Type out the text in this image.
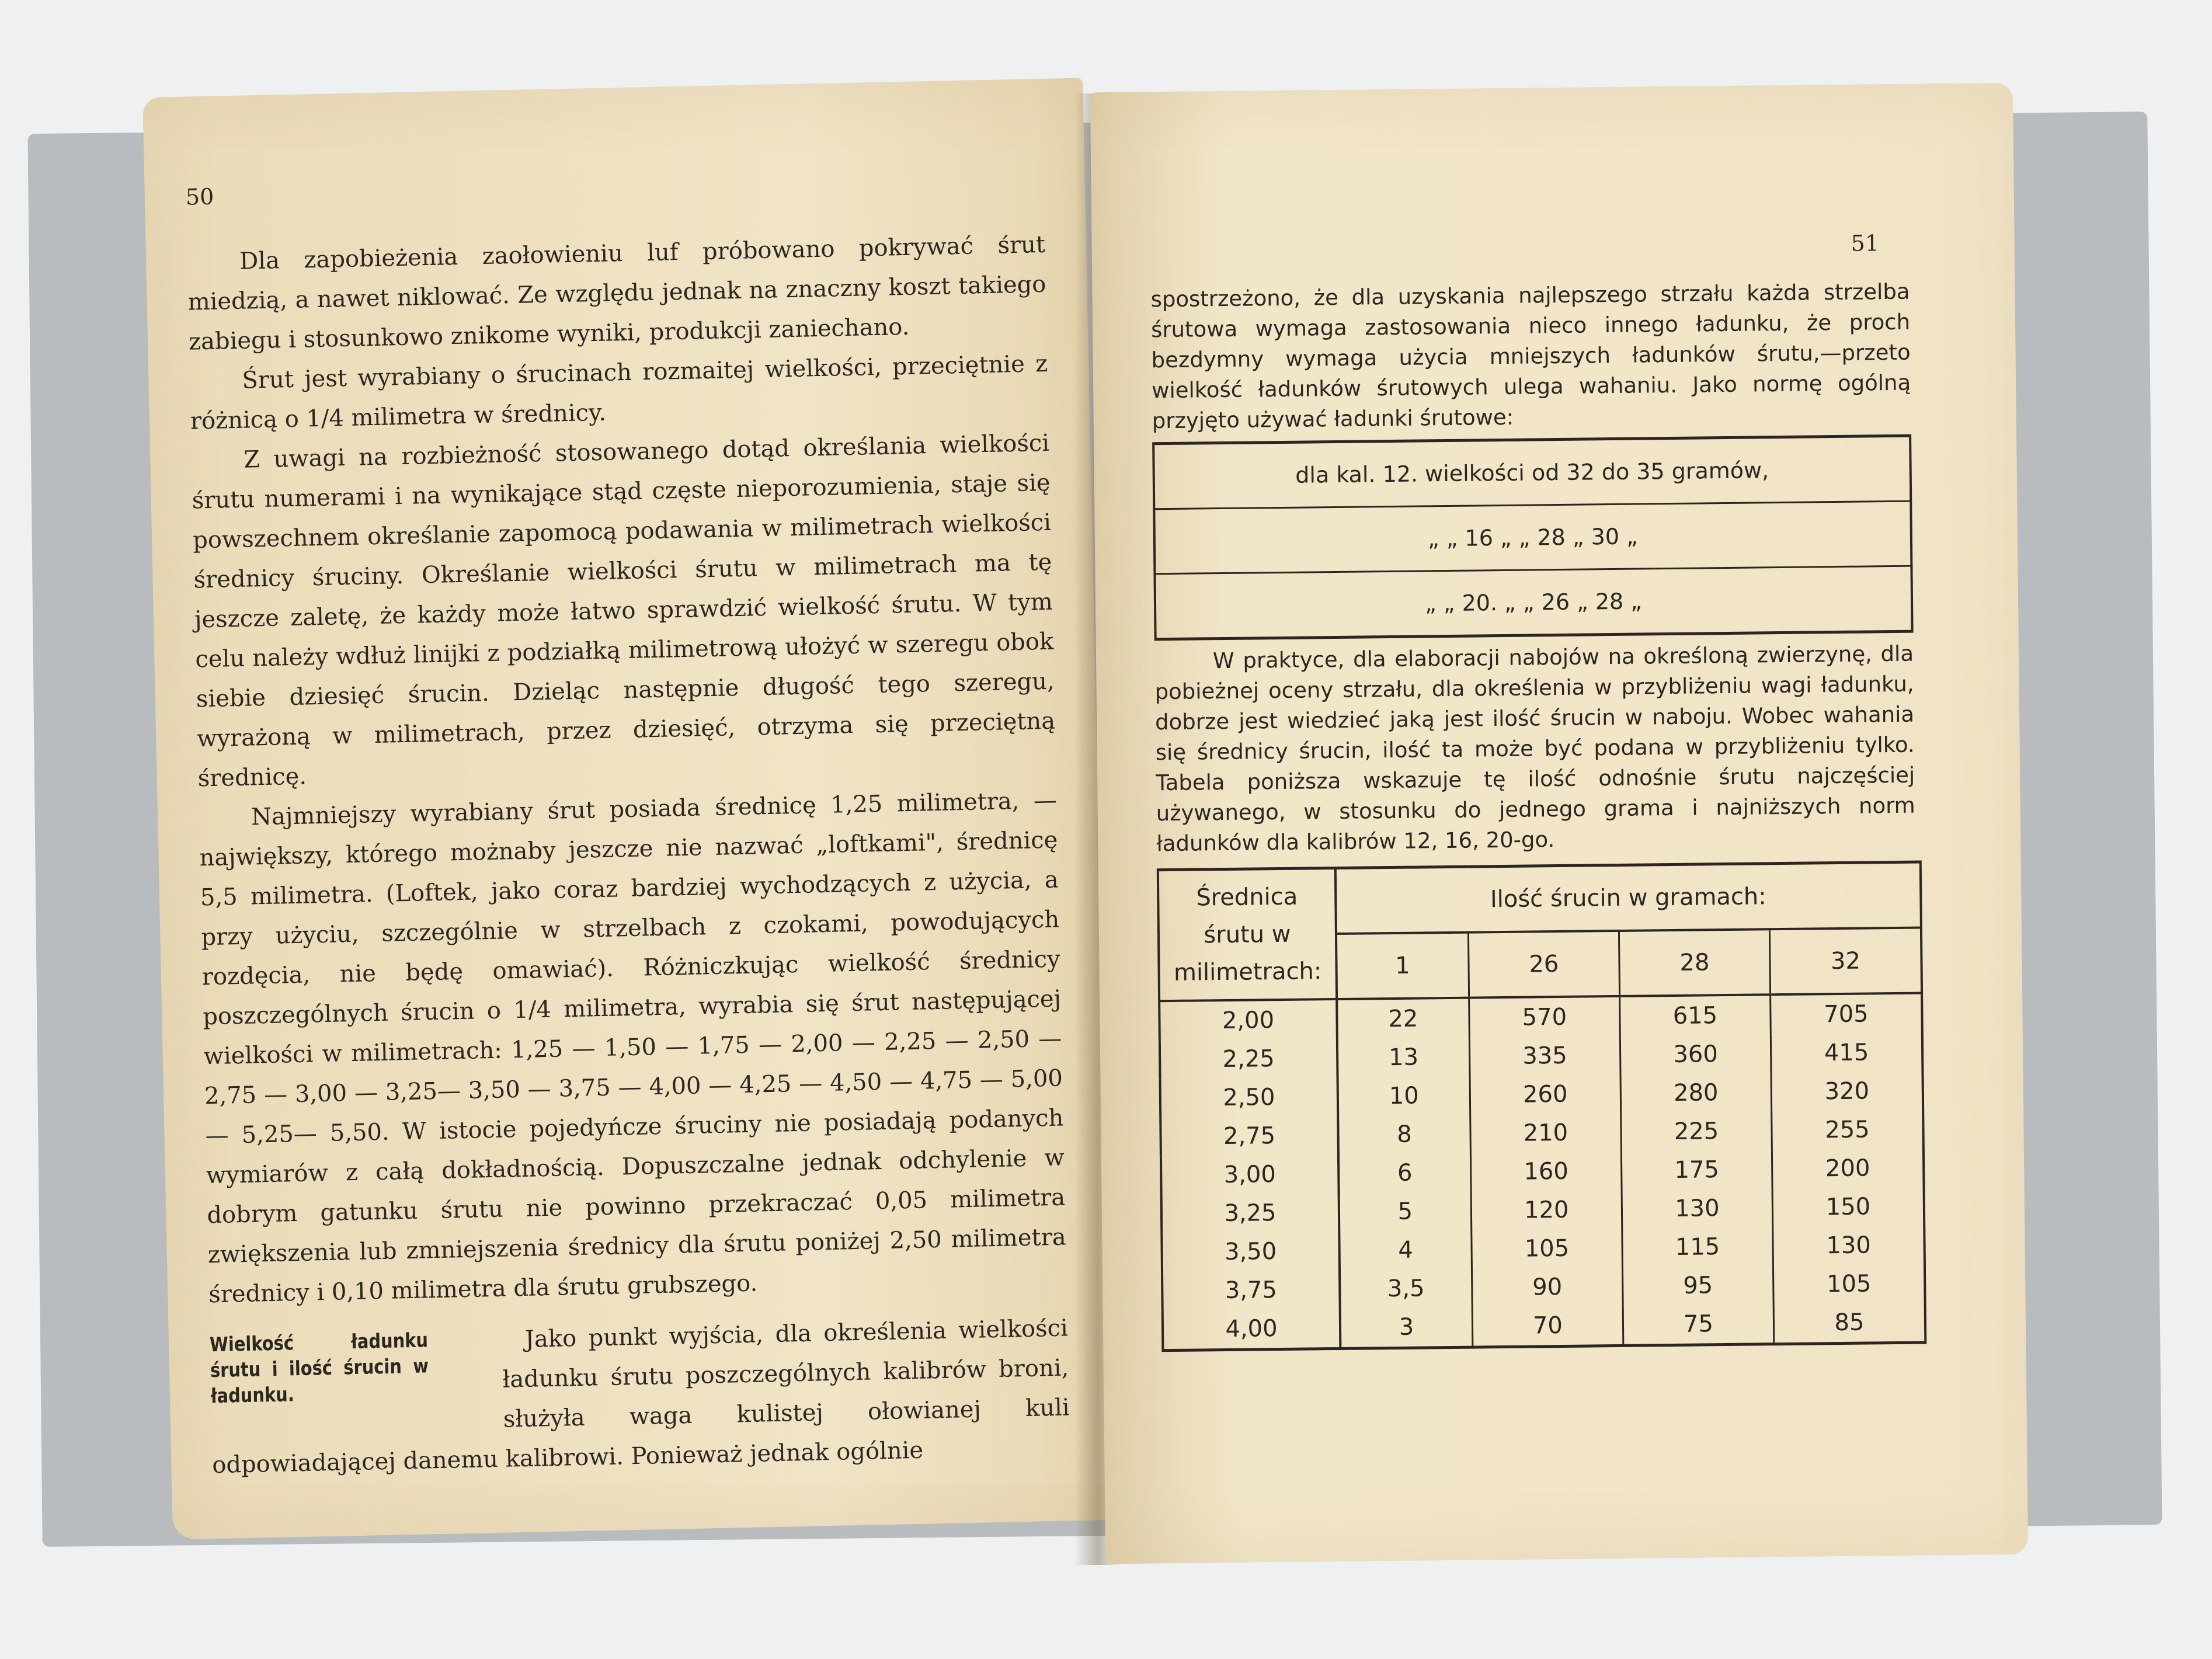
50

Dla zapobieżenia zaołowieniu luf próbowano pokrywać śrut miedzią, a nawet niklować. Ze względu jednak na znaczny koszt takiego zabiegu i stosunkowo znikome wyniki, produkcji zaniechano.

Śrut jest wyrabiany o śrucinach rozmaitej wielkości, przeciętnie z różnicą o 1/4 milimetra w średnicy.

Z uwagi na rozbieżność stosowanego dotąd określania wielkości śrutu numerami i na wynikające stąd częste nieporozumienia, staje się powszechnem określanie zapomocą podawania w milimetrach wielkości średnicy śruciny. Określanie wielkości śrutu w milimetrach ma tę jeszcze zaletę, że każdy może łatwo sprawdzić wielkość śrutu. W tym celu należy wdłuż linijki z podziałką milimetrową ułożyć w szeregu obok siebie dziesięć śrucin. Dzieląc następnie długość tego szeregu, wyrażoną w milimetrach, przez dziesięć, otrzyma się przeciętną średnicę.

Najmniejszy wyrabiany śrut posiada średnicę 1,25 milimetra, — największy, którego możnaby jeszcze nie nazwać „loftkami", średnicę 5,5 milimetra. (Loftek, jako coraz bardziej wychodzących z użycia, a przy użyciu, szczególnie w strzelbach z czokami, powodujących rozdęcia, nie będę omawiać). Różniczkując wielkość średnicy poszczególnych śrucin o 1/4 milimetra, wyrabia się śrut następującej wielkości w milimetrach: 1,25 — 1,50 — 1,75 — 2,00 — 2,25 — 2,50 — 2,75 — 3,00 — 3,25— 3,50 — 3,75 — 4,00 — 4,25 — 4,50 — 4,75 — 5,00 — 5,25— 5,50. W istocie pojedyńcze śruciny nie posiadają podanych wymiarów z całą dokładnością. Dopuszczalne jednak odchylenie w dobrym gatunku śrutu nie powinno przekraczać 0,05 milimetra zwiększenia lub zmniejszenia średnicy dla śrutu poniżej 2,50 milimetra średnicy i 0,10 milimetra dla śrutu grubszego.

Wielkość ładunku śrutu i ilość śrucin w ładunku.

Jako punkt wyjścia, dla określenia wielkości ładunku śrutu poszczególnych kalibrów broni, służyła waga kulistej ołowianej kuli odpowiadającej danemu kalibrowi. Ponieważ jednak ogólnie

51

spostrzeżono, że dla uzyskania najlepszego strzału każda strzelba śrutowa wymaga zastosowania nieco innego ładunku, że proch bezdymny wymaga użycia mniejszych ładunków śrutu,—przeto wielkość ładunków śrutowych ulega wahaniu. Jako normę ogólną przyjęto używać ładunki śrutowe:

dla kal. 12. wielkości od 32 do 35 gramów,
„ „ 16 „ „ 28 „ 30 „
„ „ 20. „ „ 26 „ 28 „

W praktyce, dla elaboracji nabojów na określoną zwierzynę, dla pobieżnej oceny strzału, dla określenia w przybliżeniu wagi ładunku, dobrze jest wiedzieć jaką jest ilość śrucin w naboju. Wobec wahania się średnicy śrucin, ilość ta może być podana w przybliżeniu tylko. Tabela poniższa wskazuje tę ilość odnośnie śrutu najczęściej używanego, w stosunku do jednego grama i najniższych norm ładunków dla kalibrów 12, 16, 20-go.

Średnica śrutu w milimetrach:	Ilość śrucin w gramach:			
	1	26	28	32
2,00	22	570	615	705
2,25	13	335	360	415
2,50	10	260	280	320
2,75	8	210	225	255
3,00	6	160	175	200
3,25	5	120	130	150
3,50	4	105	115	130
3,75	3,5	90	95	105
4,00	3	70	75	85
